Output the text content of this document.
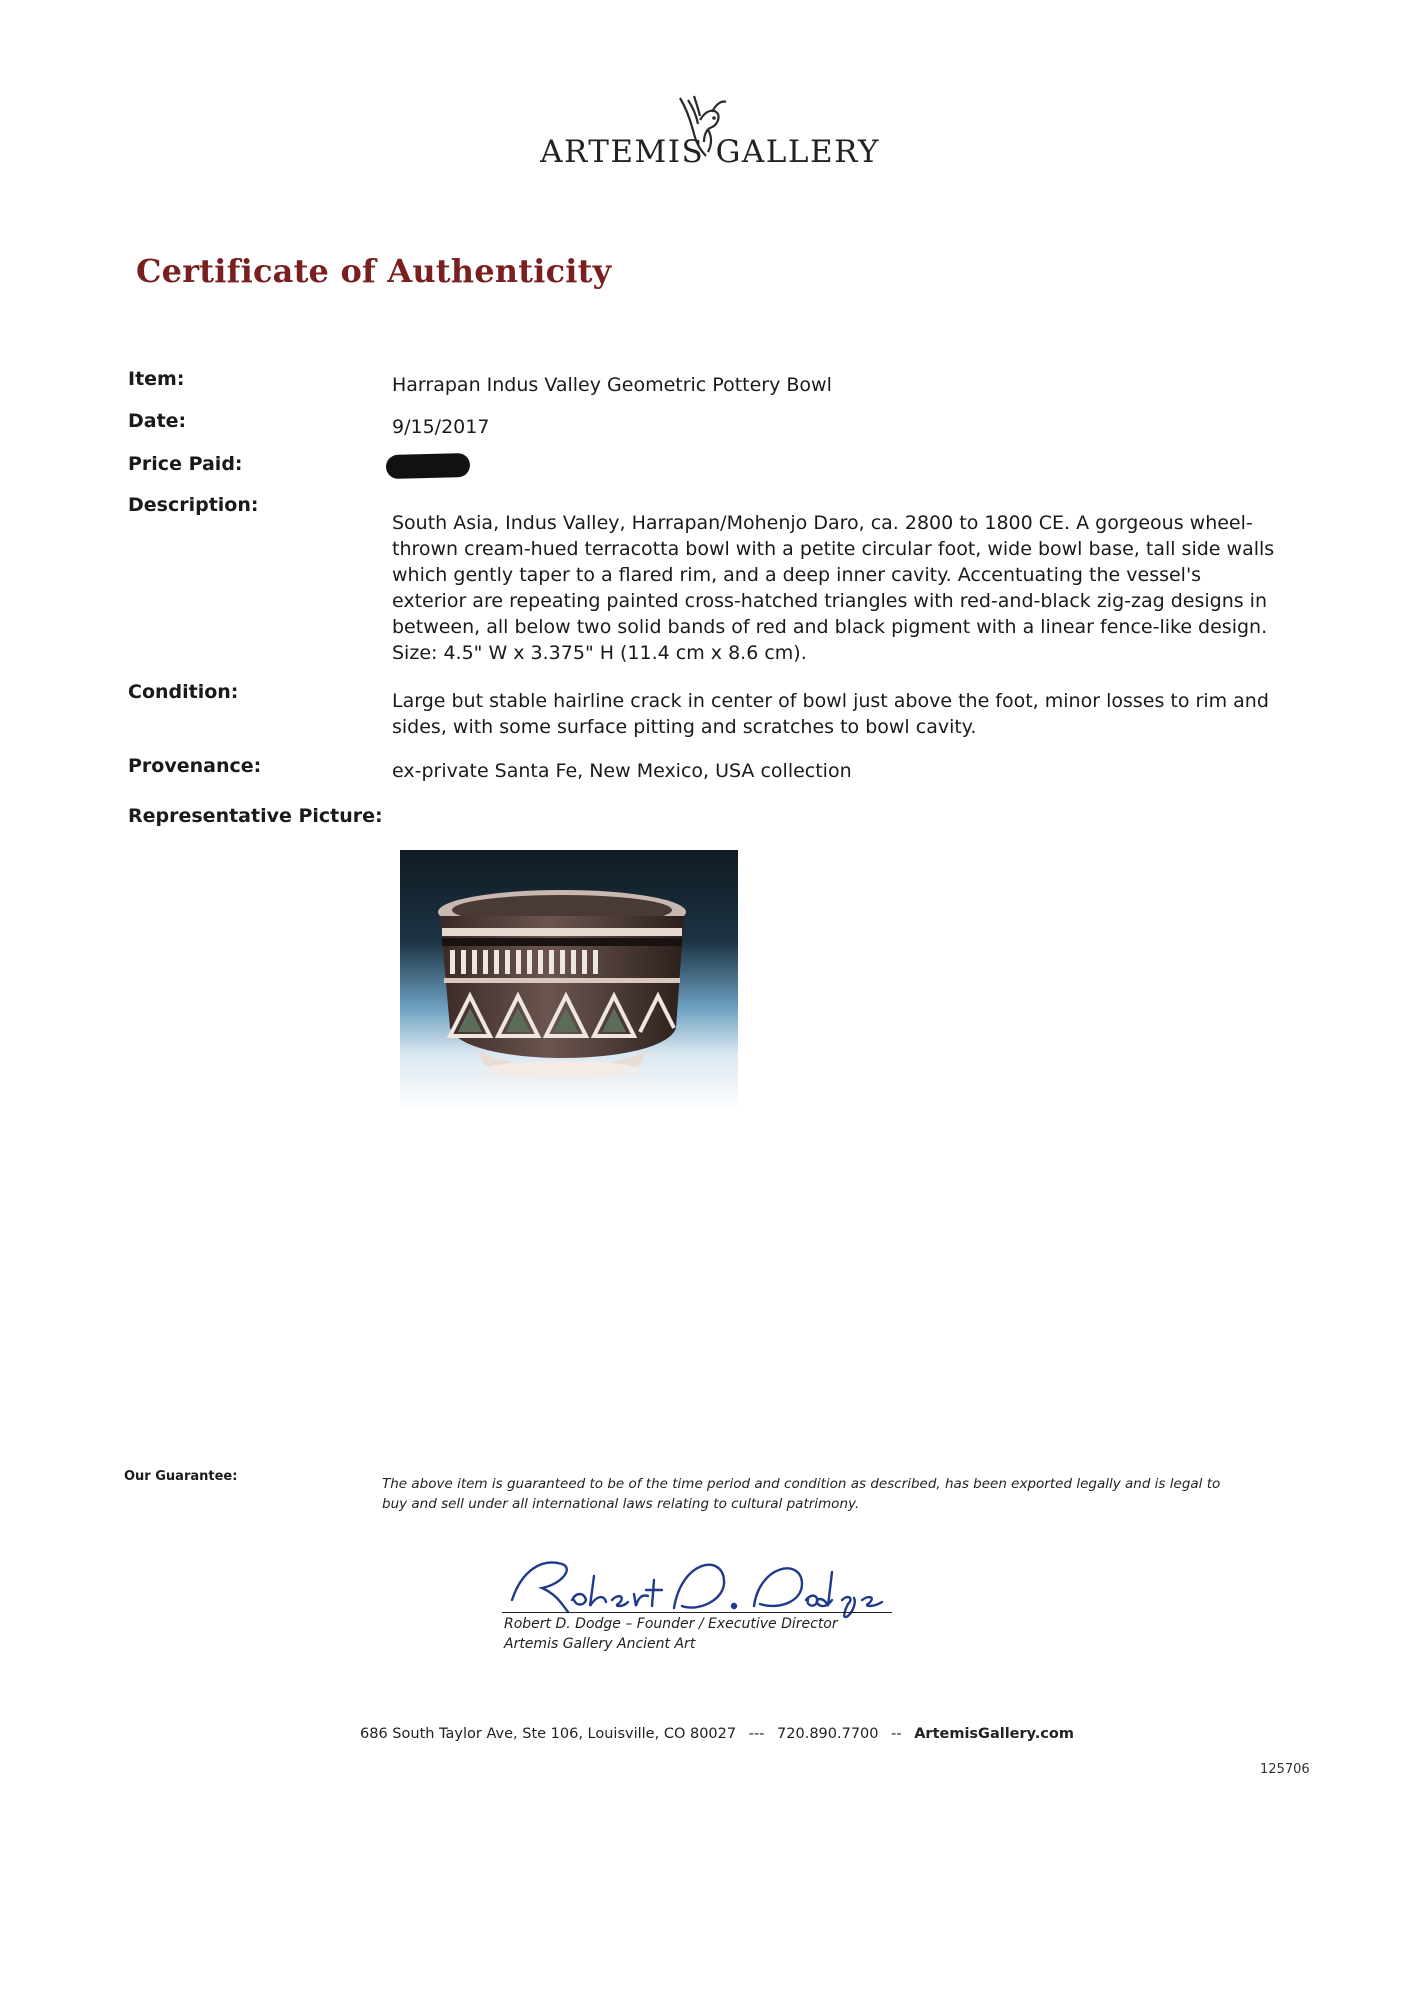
ARTEMIS GALLERY
Certificate of Authenticity
Item:	Harrapan Indus Valley Geometric Pottery Bowl
Date:	9/15/2017
Price Paid:
Description:
South Asia, Indus Valley, Harrapan/Mohenjo Daro, ca. 2800 to 1800 CE. A gorgeous wheel-thrown cream-hued terracotta bowl with a petite circular foot, wide bowl base, tall side walls which gently taper to a flared rim, and a deep inner cavity. Accentuating the vessel's exterior are repeating painted cross-hatched triangles with red-and-black zig-zag designs in between, all below two solid bands of red and black pigment with a linear fence-like design. Size: 4.5" W x 3.375" H (11.4 cm x 8.6 cm).
Condition:	Large but stable hairline crack in center of bowl just above the foot, minor losses to rim and sides, with some surface pitting and scratches to bowl cavity.
Provenance:	ex-private Santa Fe, New Mexico, USA collection
Representative Picture:
Our Guarantee:	The above item is guaranteed to be of the time period and condition as described, has been exported legally and is legal to buy and sell under all international laws relating to cultural patrimony.
Robert D. Dodge – Founder / Executive Director
Artemis Gallery Ancient Art
686 South Taylor Ave, Ste 106, Louisville, CO 80027 --- 720.890.7700 -- ArtemisGallery.com
125706
